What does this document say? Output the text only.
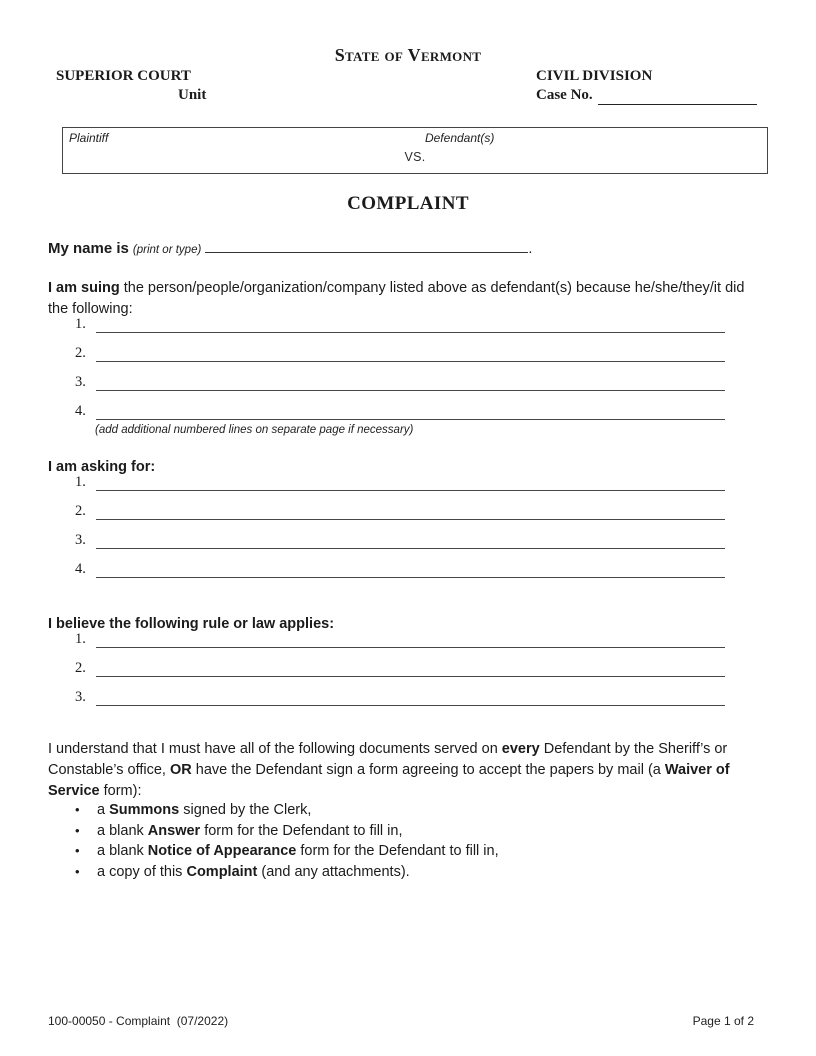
State of Vermont
SUPERIOR COURT	CIVIL DIVISION
Unit	Case No.
Plaintiff	Defendant(s)
VS.
COMPLAINT
My name is (print or type)	.

I am suing the person/people/organization/company listed above as defendant(s) because he/she/they/it did the following:

1.
2.
3.
4.
(add additional numbered lines on separate page if necessary)
I am asking for:
1.
2.
3.
4.
I believe the following rule or law applies:
1.
2.
3.

I understand that I must have all of the following documents served on every Defendant by the Sheriff’s or Constable’s office, OR have the Defendant sign a form agreeing to accept the papers by mail (a Waiver of Service form):

•	a Summons signed by the Clerk,
•	a blank Answer form for the Defendant to fill in,
•	a blank Notice of Appearance form for the Defendant to fill in,
•	a copy of this Complaint (and any attachments).
100-00050 - Complaint  (07/2022)	Page 1 of 2
